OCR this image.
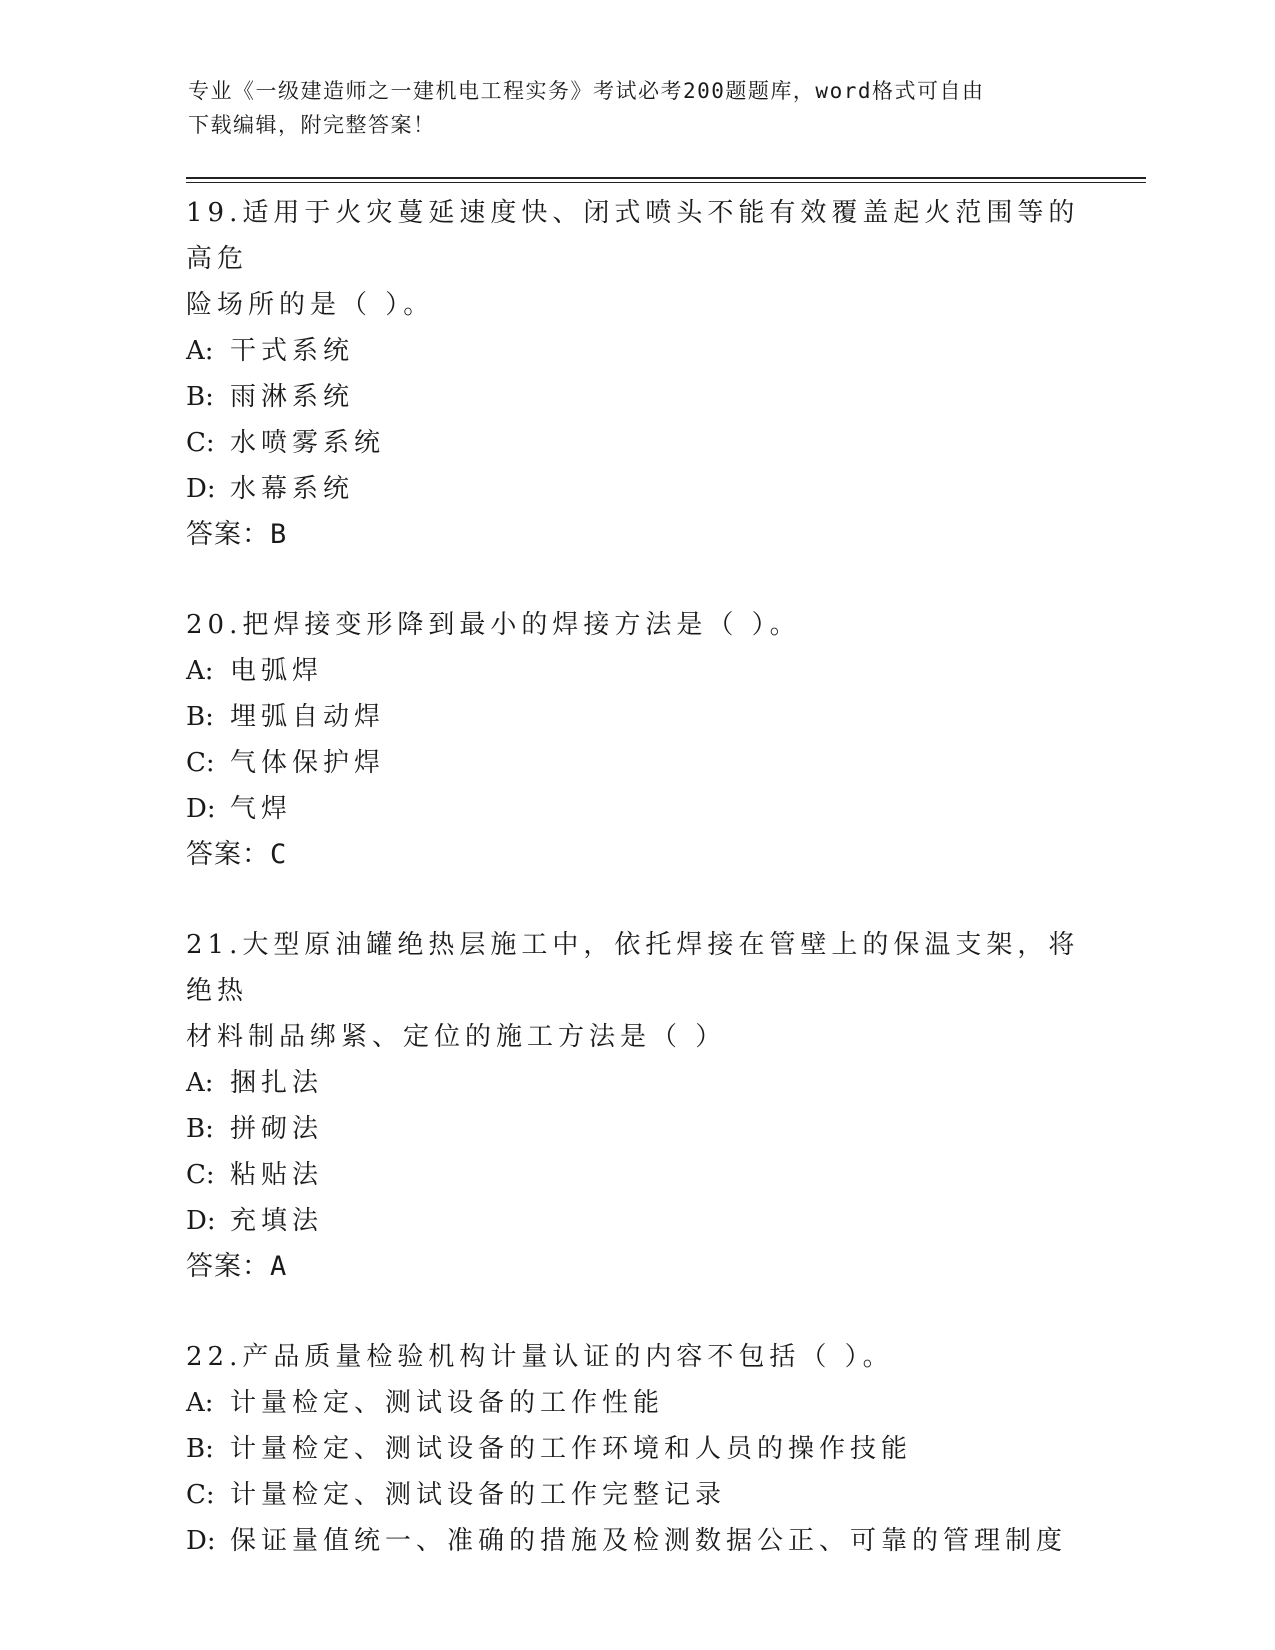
专业《一级建造师之一建机电工程实务》考试必考200题题库，word格式可自由
下载编辑，附完整答案！
19.适用于火灾蔓延速度快、闭式喷头不能有效覆盖起火范围等的高危
险场所的是（ ）。
A: 干式系统
B: 雨淋系统
C: 水喷雾系统
D: 水幕系统
答案：B
20.把焊接变形降到最小的焊接方法是（ ）。
A: 电弧焊
B: 埋弧自动焊
C: 气体保护焊
D: 气焊
答案：C
21.大型原油罐绝热层施工中，依托焊接在管壁上的保温支架，将绝热
材料制品绑紧、定位的施工方法是（ ）
A: 捆扎法
B: 拼砌法
C: 粘贴法
D: 充填法
答案：A
22.产品质量检验机构计量认证的内容不包括（ ）。
A: 计量检定、测试设备的工作性能
B: 计量检定、测试设备的工作环境和人员的操作技能
C: 计量检定、测试设备的工作完整记录
D: 保证量值统一、准确的措施及检测数据公正、可靠的管理制度
